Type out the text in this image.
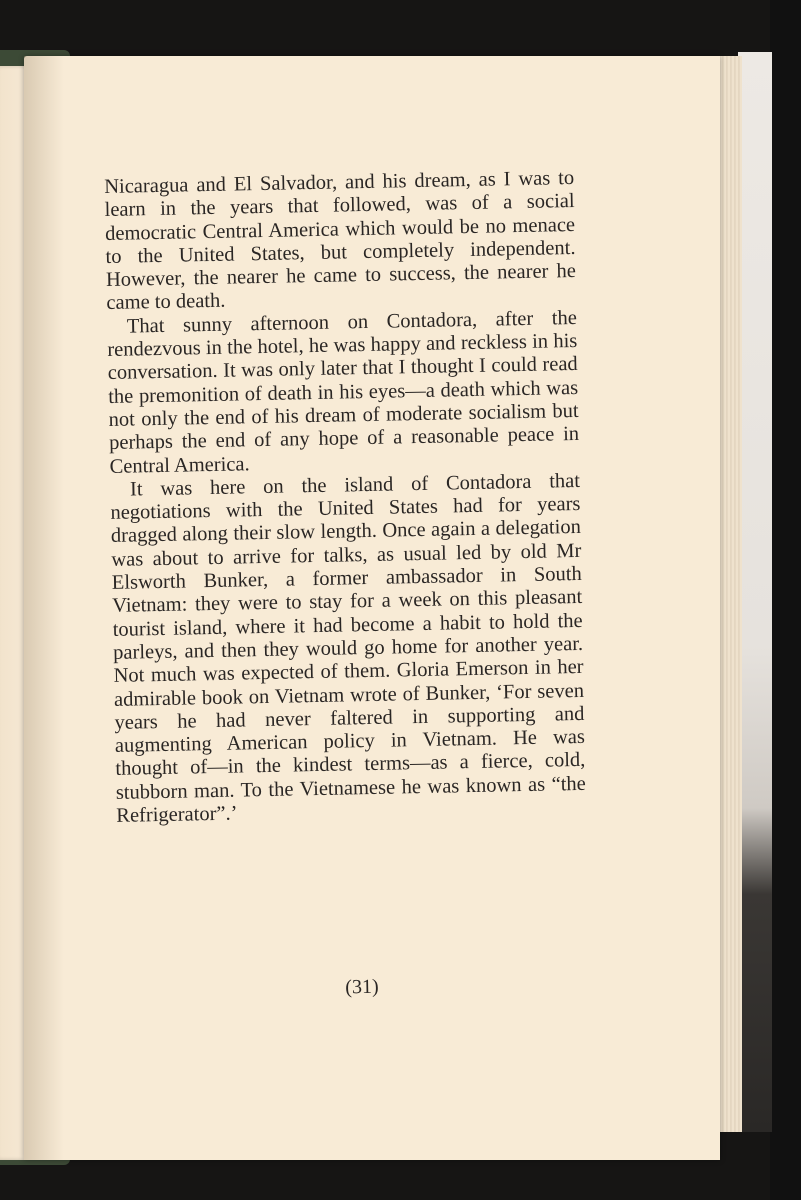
Nicaragua and El Salvador, and his dream, as I was to learn in the years that followed, was of a social democratic Central America which would be no menace to the United States, but completely independent. However, the nearer he came to success, the nearer he came to death.

That sunny afternoon on Contadora, after the rendezvous in the hotel, he was happy and reckless in his conversation. It was only later that I thought I could read the premonition of death in his eyes—a death which was not only the end of his dream of moderate socialism but perhaps the end of any hope of a reasonable peace in Central America.

It was here on the island of Contadora that negotiations with the United States had for years dragged along their slow length. Once again a delegation was about to arrive for talks, as usual led by old Mr Elsworth Bunker, a former ambassador in South Vietnam: they were to stay for a week on this pleasant tourist island, where it had become a habit to hold the parleys, and then they would go home for another year. Not much was expected of them. Gloria Emerson in her admirable book on Vietnam wrote of Bunker, ‘For seven years he had never faltered in supporting and augmenting American policy in Vietnam. He was thought of—in the kindest terms—as a fierce, cold, stubborn man. To the Vietnamese he was known as “the Refrigerator”.’

(31)
